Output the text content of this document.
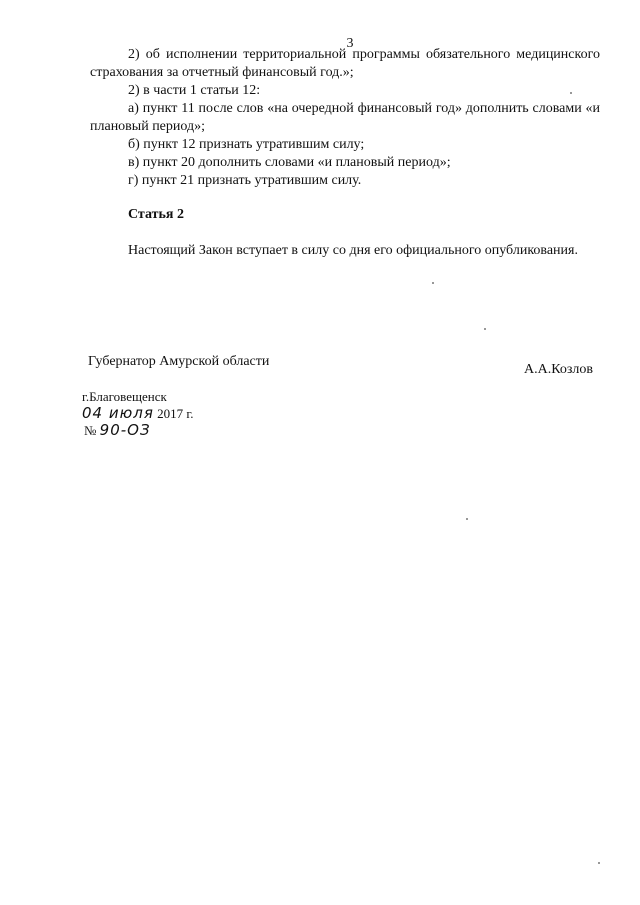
3

2) об исполнении территориальной программы обязательного медицинского страхования за отчетный финансовый год.»;

2) в части 1 статьи 12:

а) пункт 11 после слов «на очередной финансовый год» дополнить словами «и плановый период»;

б) пункт 12 признать утратившим силу;

в) пункт 20 дополнить словами «и плановый период»;

г) пункт 21 признать утратившим силу.

Статья 2

Настоящий Закон вступает в силу со дня его официального опубликования.

Губернатор Амурской области
А.А.Козлов
г.Благовещенск
04 июля 2017 г.
№ 90-ОЗ
